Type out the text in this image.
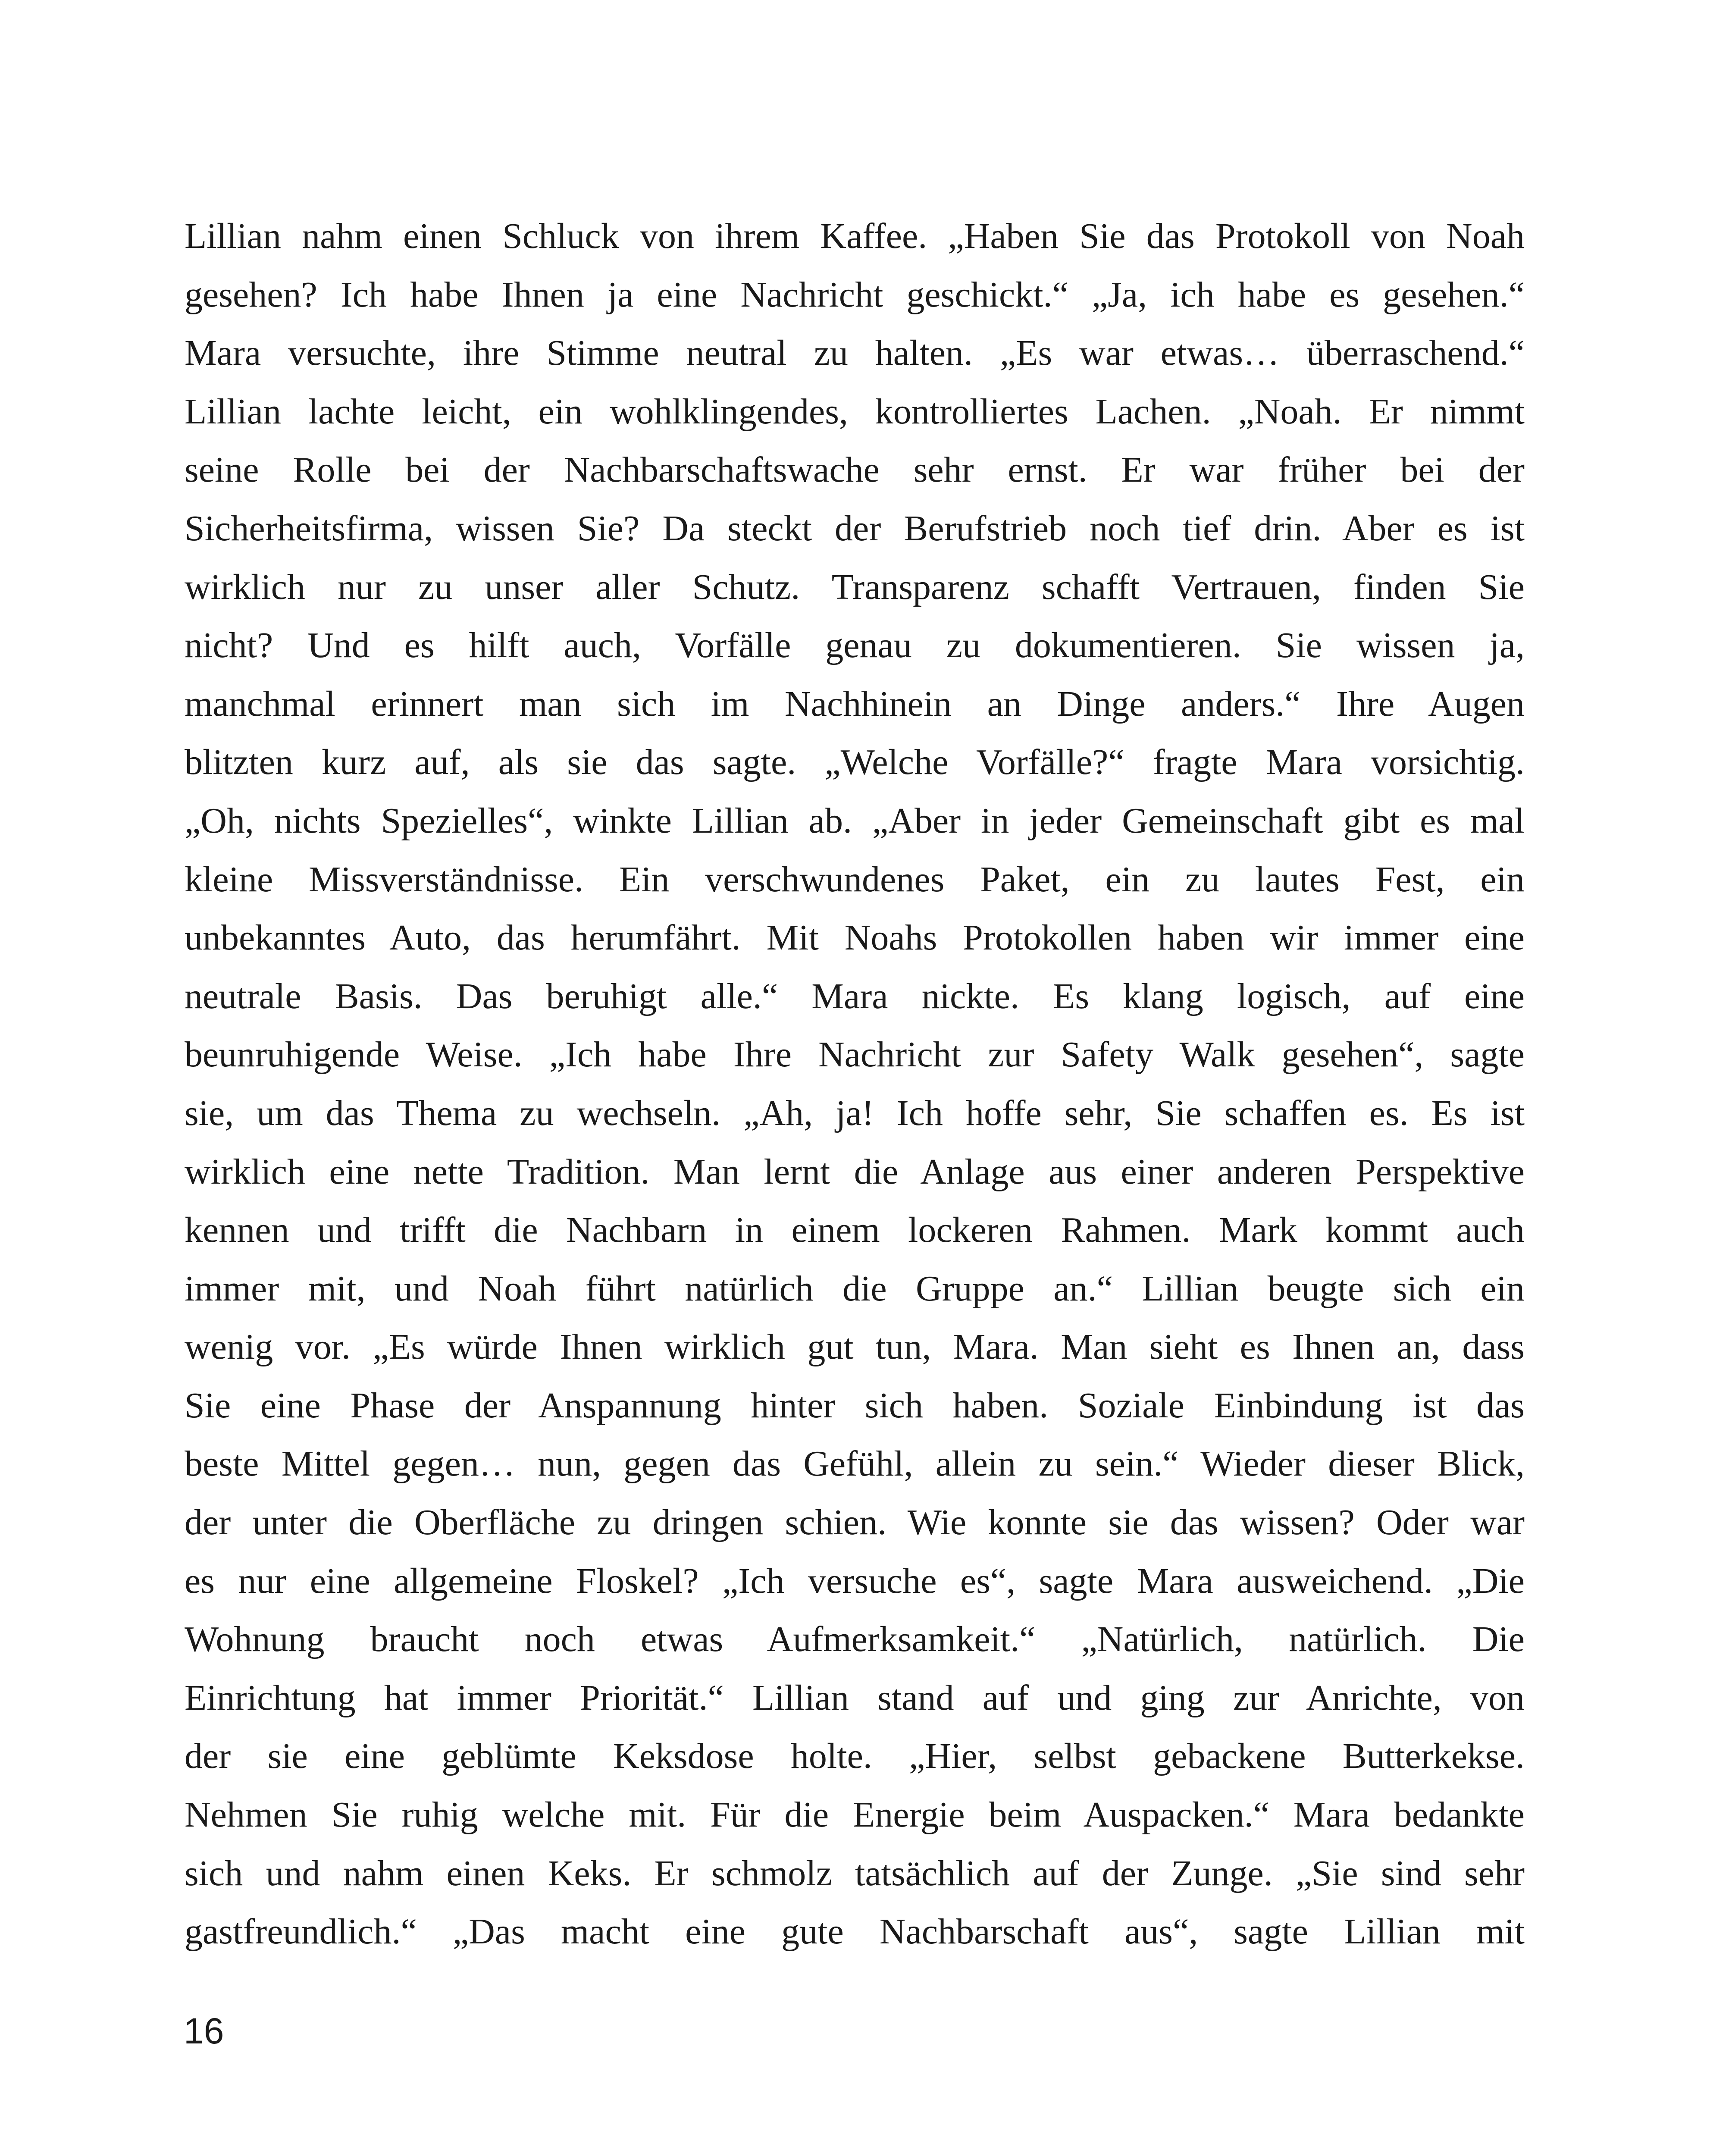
Lillian nahm einen Schluck von ihrem Kaffee. „Haben Sie das Protokoll von Noah
gesehen? Ich habe Ihnen ja eine Nachricht geschickt.“ „Ja, ich habe es gesehen.“
Mara versuchte, ihre Stimme neutral zu halten. „Es war etwas… überraschend.“
Lillian lachte leicht, ein wohlklingendes, kontrolliertes Lachen. „Noah. Er nimmt
seine Rolle bei der Nachbarschaftswache sehr ernst. Er war früher bei der
Sicherheitsfirma, wissen Sie? Da steckt der Berufstrieb noch tief drin. Aber es ist
wirklich nur zu unser aller Schutz. Transparenz schafft Vertrauen, finden Sie
nicht? Und es hilft auch, Vorfälle genau zu dokumentieren. Sie wissen ja,
manchmal erinnert man sich im Nachhinein an Dinge anders.“ Ihre Augen
blitzten kurz auf, als sie das sagte. „Welche Vorfälle?“ fragte Mara vorsichtig.
„Oh, nichts Spezielles“, winkte Lillian ab. „Aber in jeder Gemeinschaft gibt es mal
kleine Missverständnisse. Ein verschwundenes Paket, ein zu lautes Fest, ein
unbekanntes Auto, das herumfährt. Mit Noahs Protokollen haben wir immer eine
neutrale Basis. Das beruhigt alle.“ Mara nickte. Es klang logisch, auf eine
beunruhigende Weise. „Ich habe Ihre Nachricht zur Safety Walk gesehen“, sagte
sie, um das Thema zu wechseln. „Ah, ja! Ich hoffe sehr, Sie schaffen es. Es ist
wirklich eine nette Tradition. Man lernt die Anlage aus einer anderen Perspektive
kennen und trifft die Nachbarn in einem lockeren Rahmen. Mark kommt auch
immer mit, und Noah führt natürlich die Gruppe an.“ Lillian beugte sich ein
wenig vor. „Es würde Ihnen wirklich gut tun, Mara. Man sieht es Ihnen an, dass
Sie eine Phase der Anspannung hinter sich haben. Soziale Einbindung ist das
beste Mittel gegen… nun, gegen das Gefühl, allein zu sein.“ Wieder dieser Blick,
der unter die Oberfläche zu dringen schien. Wie konnte sie das wissen? Oder war
es nur eine allgemeine Floskel? „Ich versuche es“, sagte Mara ausweichend. „Die
Wohnung braucht noch etwas Aufmerksamkeit.“ „Natürlich, natürlich. Die
Einrichtung hat immer Priorität.“ Lillian stand auf und ging zur Anrichte, von
der sie eine geblümte Keksdose holte. „Hier, selbst gebackene Butterkekse.
Nehmen Sie ruhig welche mit. Für die Energie beim Auspacken.“ Mara bedankte
sich und nahm einen Keks. Er schmolz tatsächlich auf der Zunge. „Sie sind sehr
gastfreundlich.“ „Das macht eine gute Nachbarschaft aus“, sagte Lillian mit
16
